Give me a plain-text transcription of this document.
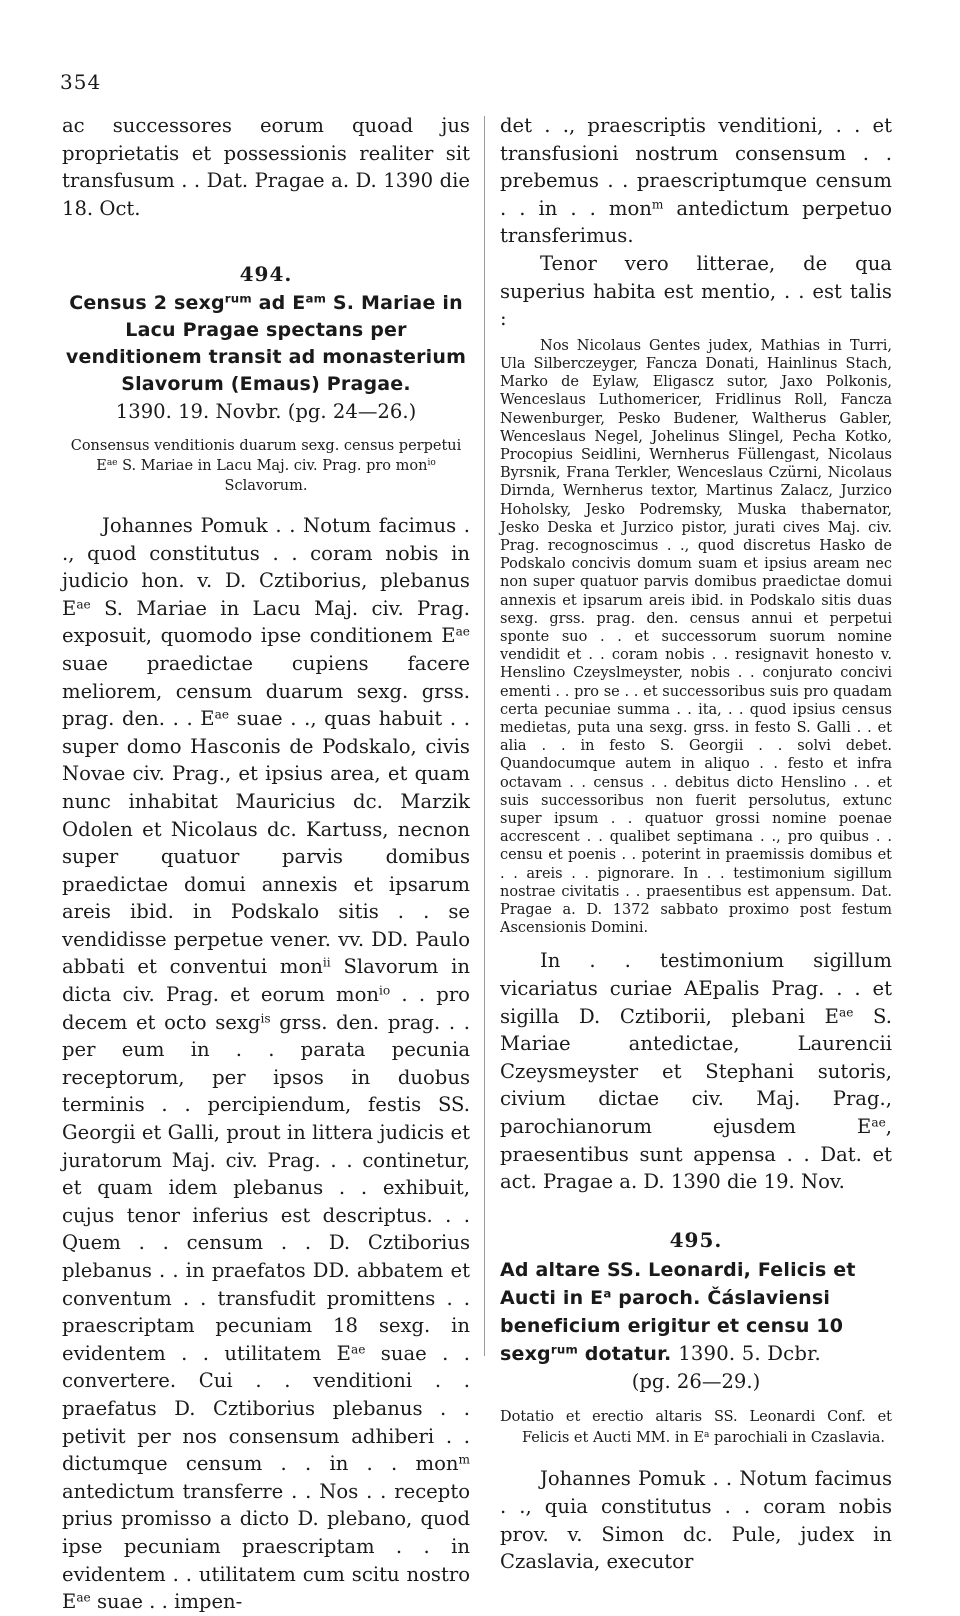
354

ac successores eorum quoad jus proprietatis et possessionis realiter sit transfusum . . Dat. Pragae a. D. 1390 die 18. Oct.

494.

Census 2 sexg$^{rum}$ ad $E^{am}$ S. Mariae in Lacu Pragae spectans per venditionem transit ad monasterium Slavorum (Emaus) Pragae.

1390. 19. Novbr. (pg. 24—26.)

Consensus venditionis duarum sexg. census perpetui $E^{ae}$ S. Mariae in Lacu Maj. civ. Prag. pro mon$^{io}$ Sclavorum.

Johannes Pomuk . . Notum facimus . ., quod constitutus . . coram nobis in judicio hon. v. D. Cztiborius, plebanus $E^{ae}$ S. Mariae in Lacu Maj. civ. Prag. exposuit, quomodo ipse conditionem $E^{ae}$ suae praedictae cupiens facere meliorem, censum duarum sexg. grss. prag. den. . . $E^{ae}$ suae . ., quas habuit . . super domo Hasconis de Podskalo, civis Novae civ. Prag., et ipsius area, et quam nunc inhabitat Mauricius dc. Marzik Odolen et Nicolaus dc. Kartuss, necnon super quatuor parvis domibus praedictae domui annexis et ipsarum areis ibid. in Podskalo sitis . . se vendidisse perpetue vener. vv. DD. Paulo abbati et conventui mon$^{ii}$ Slavorum in dicta civ. Prag. et eorum mon$^{io}$ . . pro decem et octo sexg$^{is}$ grss. den. prag. . . per eum in . . parata pecunia receptorum, per ipsos in duobus terminis . . percipiendum, festis SS. Georgii et Galli, prout in littera judicis et juratorum Maj. civ. Prag. . . continetur, et quam idem plebanus . . exhibuit, cujus tenor inferius est descriptus. . . Quem . . censum . . D. Cztiborius plebanus . . in praefatos DD. abbatem et conventum . . transfudit promittens . . praescriptam pecuniam 18 sexg. in evidentem . . utilitatem $E^{ae}$ suae . . convertere. Cui . . venditioni . . praefatus D. Cztiborius plebanus . . petivit per nos consensum adhiberi . . dictumque censum . . in . . mon$^m$ antedictum transferre . . Nos . . recepto prius promisso a dicto D. plebano, quod ipse pecuniam praescriptam . . in evidentem . . utilitatem cum scitu nostro $E^{ae}$ suae . . impen-

det . ., praescriptis venditioni, . . et transfusioni nostrum consensum . . prebemus . . praescriptumque censum . . in . . mon$^m$ antedictum perpetuo transferimus.

Tenor vero litterae, de qua superius habita est mentio, . . est talis :

Nos Nicolaus Gentes judex, Mathias in Turri, Ula Silberczeyger, Fancza Donati, Hainlinus Stach, Marko de Eylaw, Eligascz sutor, Jaxo Polkonis, Wenceslaus Luthomericer, Fridlinus Roll, Fancza Newenburger, Pesko Budener, Waltherus Gabler, Wenceslaus Negel, Johelinus Slingel, Pecha Kotko, Procopius Seidlini, Wernherus Füllengast, Nicolaus Byrsnik, Frana Terkler, Wenceslaus Czürni, Nicolaus Dirnda, Wernherus textor, Martinus Zalacz, Jurzico Hoholsky, Jesko Podremsky, Muska thabernator, Jesko Deska et Jurzico pistor, jurati cives Maj. civ. Prag. recognoscimus . ., quod discretus Hasko de Podskalo concivis domum suam et ipsius aream nec non super quatuor parvis domibus praedictae domui annexis et ipsarum areis ibid. in Podskalo sitis duas sexg. grss. prag. den. census annui et perpetui sponte suo . . et successorum suorum nomine vendidit et . . coram nobis . . resignavit honesto v. Henslino Czeyslmeyster, nobis . . conjurato concivi ementi . . pro se . . et successoribus suis pro quadam certa pecuniae summa . . ita, . . quod ipsius census medietas, puta una sexg. grss. in festo S. Galli . . et alia . . in festo S. Georgii . . solvi debet. Quandocumque autem in aliquo . . festo et infra octavam . . census . . debitus dicto Henslino . . et suis successoribus non fuerit persolutus, extunc super ipsum . . quatuor grossi nomine poenae accrescent . . qualibet septimana . ., pro quibus . . censu et poenis . . poterint in praemissis domibus et . . areis . . pignorare. In . . testimonium sigillum nostrae civitatis . . praesentibus est appensum. Dat. Pragae a. D. 1372 sabbato proximo post festum Ascensionis Domini.

In . . testimonium sigillum vicariatus curiae AEpalis Prag. . . et sigilla D. Cztiborii, plebani $E^{ae}$ S. Mariae antedictae, Laurencii Czeysmeyster et Stephani sutoris, civium dictae civ. Maj. Prag., parochianorum ejusdem $E^{ae}$, praesentibus sunt appensa . . Dat. et act. Pragae a. D. 1390 die 19. Nov.

495.

Ad altare SS. Leonardi, Felicis et Aucti in $E^a$ paroch. Čáslaviensi beneficium erigitur et censu 10 sexg$^{rum}$ dotatur. 1390. 5. Dcbr.

(pg. 26—29.)

Dotatio et erectio altaris SS. Leonardi Conf. et Felicis et Aucti MM. in $E^a$ parochiali in Czaslavia.

Johannes Pomuk . . Notum facimus . ., quia constitutus . . coram nobis prov. v. Simon dc. Pule, judex in Czaslavia, executor
